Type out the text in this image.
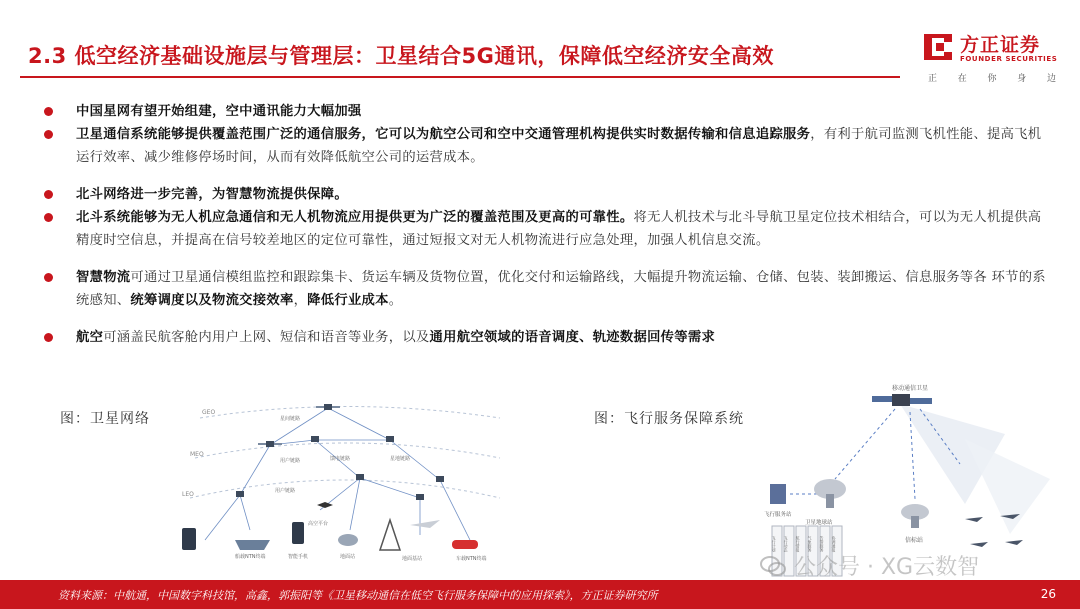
2.3 低空经济基础设施层与管理层：卫星结合5G通讯，保障低空经济安全高效	方正证券
FOUNDER SECURITIES
正 在 你 身 边
中国星网有望开始组建，空中通讯能力大幅加强
卫星通信系统能够提供覆盖范围广泛的通信服务，它可以为航空公司和空中交通管理机构提供实时数据传输和信息追踪服务，有利于航司监测飞机性能、提高飞机运行效率、减少维修停场时间，从而有效降低航空公司的运营成本。
北斗网络进一步完善，为智慧物流提供保障。
北斗系统能够为无人机应急通信和无人机物流应用提供更为广泛的覆盖范围及更高的可靠性。将无人机技术与北斗导航卫星定位技术相结合，可以为无人机提供高精度时空信息，并提高在信号较差地区的定位可靠性，通过短报文对无人机物流进行应急处理，加强人机信息交流。
智慧物流可通过卫星通信模组监控和跟踪集卡、货运车辆及货物位置，优化交付和运输路线，大幅提升物流运输、仓储、包装、装卸搬运、信息服务等各 环节的系统感知、统筹调度以及物流交接效率，降低行业成本。
航空可涵盖民航客舱内用户上网、短信和语音等业务，以及通用航空领域的语音调度、轨迹数据回传等需求
图：卫星网络	GEO
MEO
LEO
星间链路
馈电链路	星地链路
用户链路
用户链路
高空平台
船载NTN终端	智能手机	地面站	地面基站	车载NTN终端
图：飞行服务保障系统
移动通信卫星
卫星地球站
飞行服务站
信标站
飞行计划 飞行动态 航行情报 气象服务 告警服务 协调通报
公众号 · XG云数智
资料来源：中航通，中国数字科技馆，高鑫，郭振阳等《卫星移动通信在低空飞行服务保障中的应用探索》，方正证券研究所	26
